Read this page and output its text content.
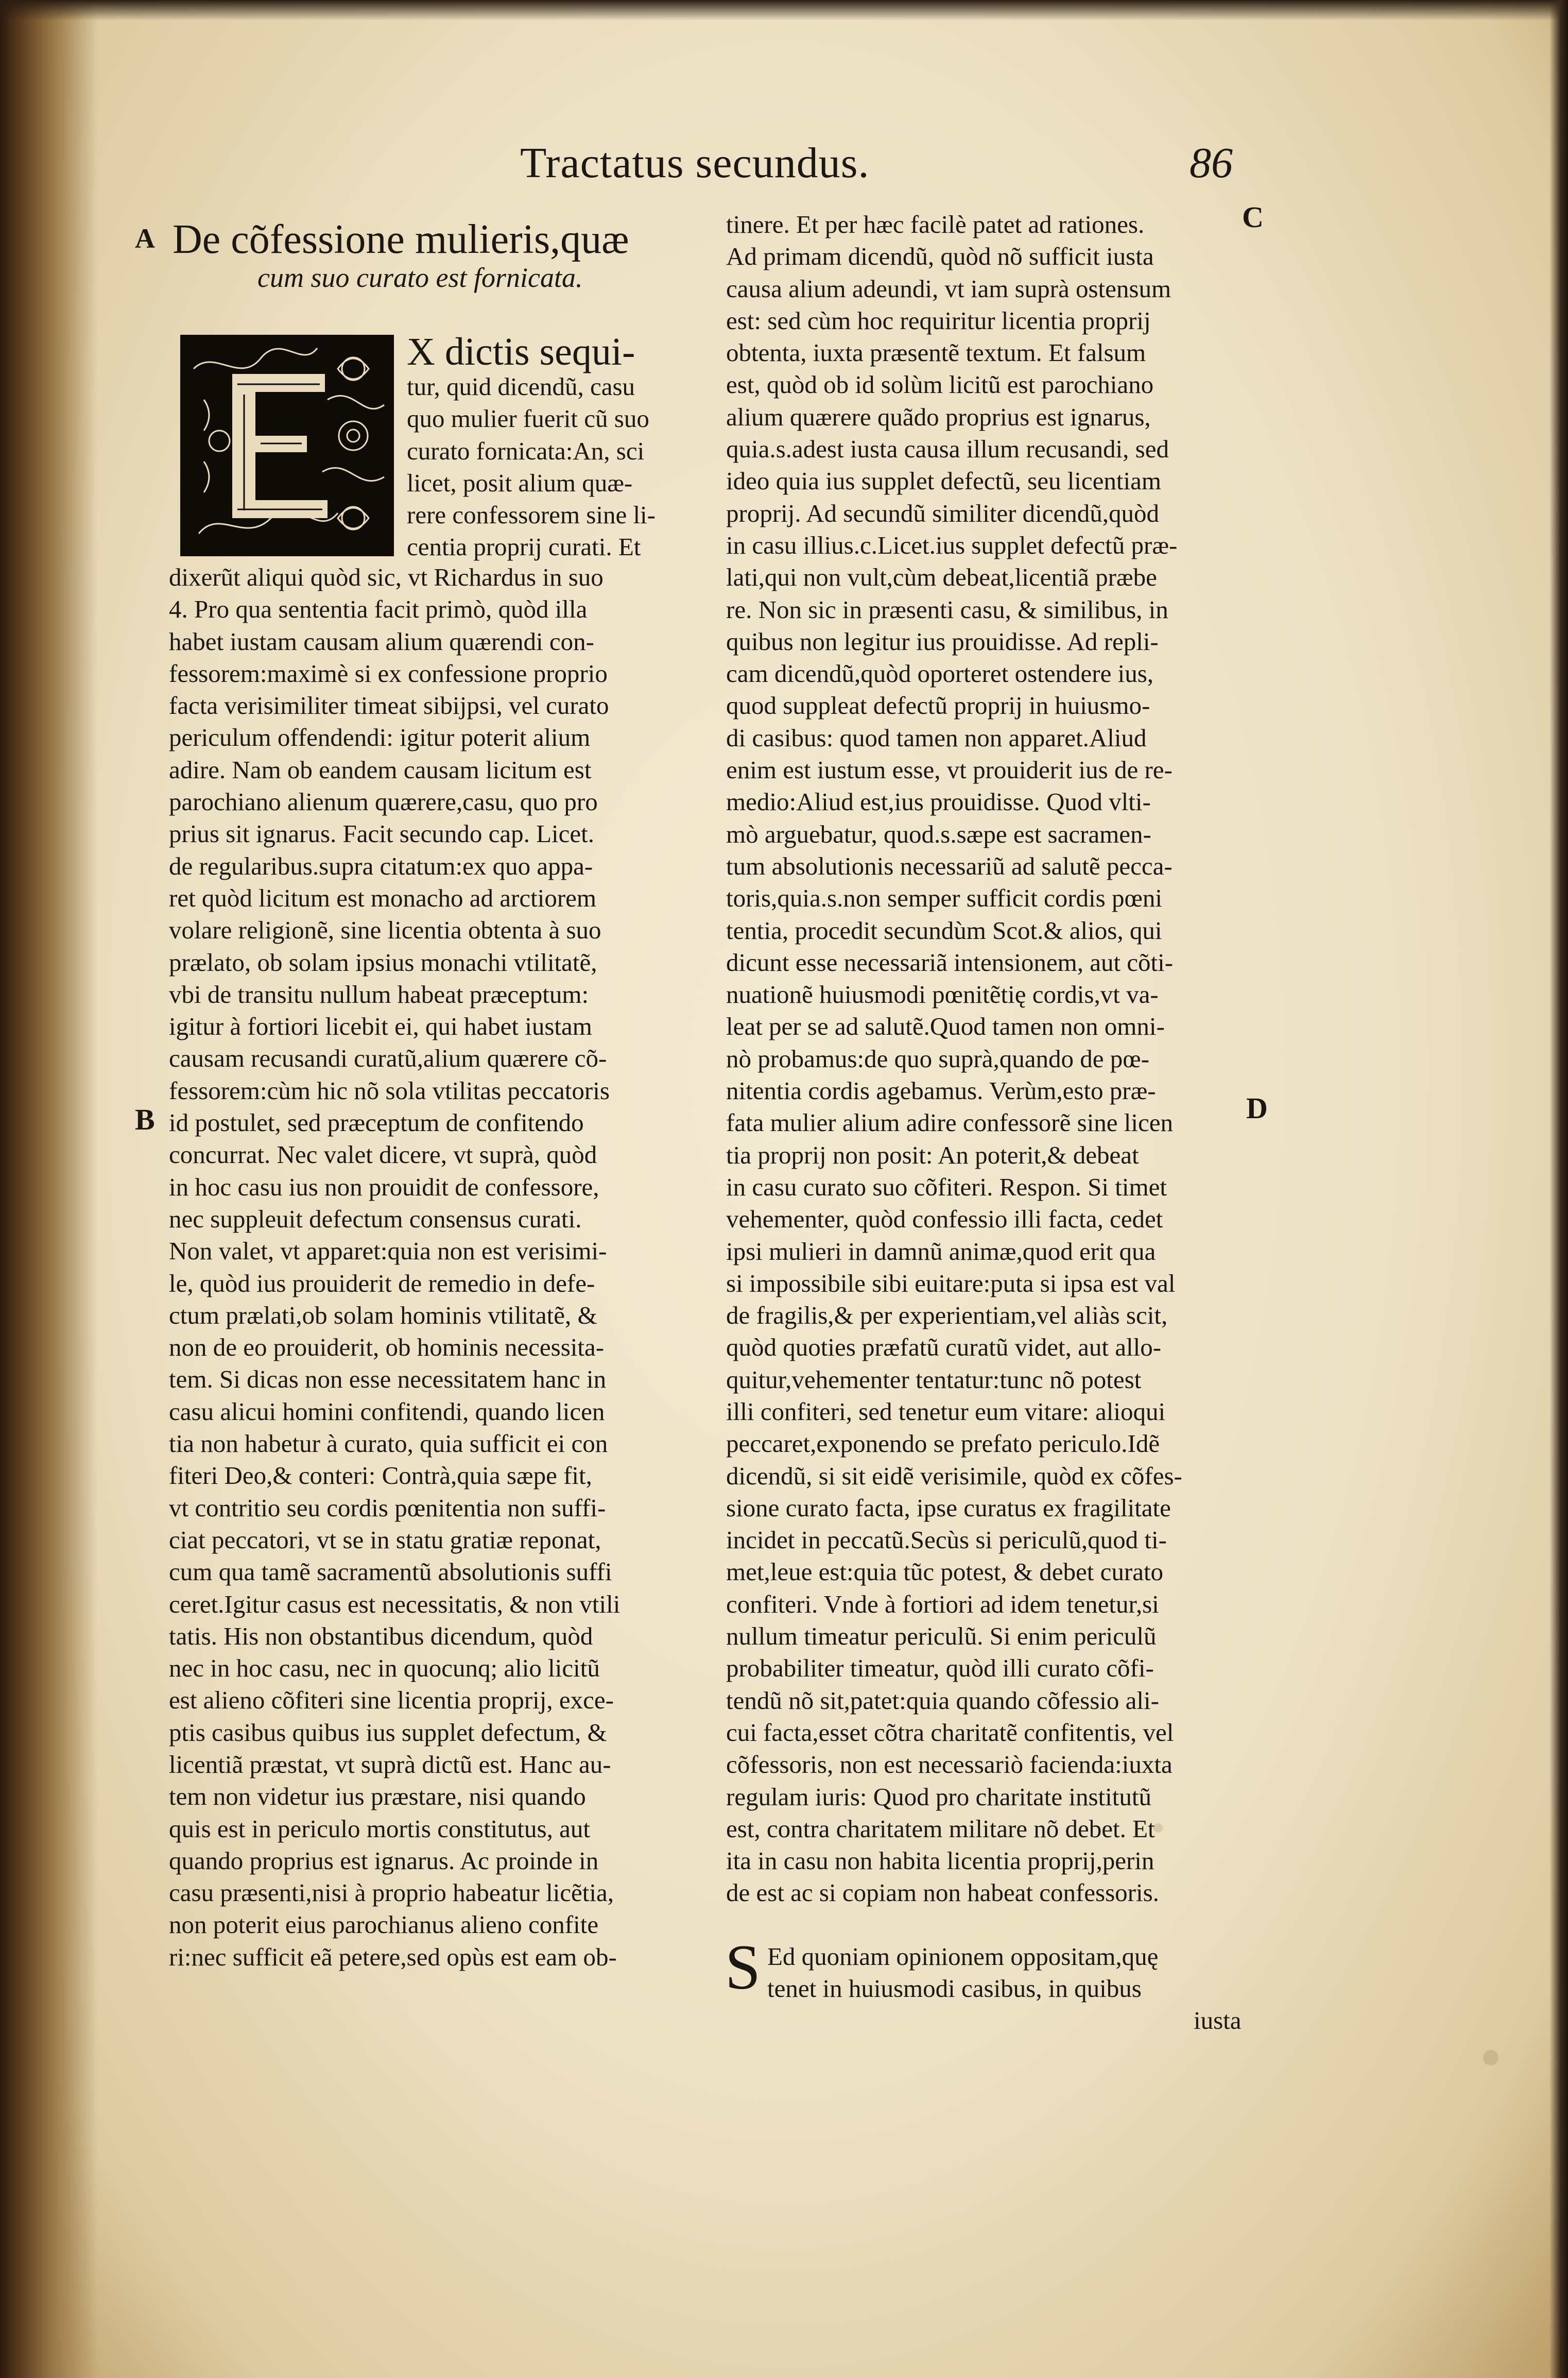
Tractatus secundus.	86
A
B
C
D
De cõfessione mulieris,quæ
cum suo curato est fornicata.
X dictis sequi-
tur, quid dicendũ, casu
quo mulier fuerit cũ suo
curato fornicata:An, sci
licet, posit alium quæ-
rere confessorem sine li-
centia proprij curati. Et
dixerũt aliqui quòd sic, vt Richardus in suo
4. Pro qua sententia facit primò, quòd illa
habet iustam causam alium quærendi con-
fessorem:maximè si ex confessione proprio
facta verisimiliter timeat sibijpsi, vel curato
periculum offendendi: igitur poterit alium
adire. Nam ob eandem causam licitum est
parochiano alienum quærere,casu, quo pro
prius sit ignarus. Facit secundo cap. Licet.
de regularibus.supra citatum:ex quo appa-
ret quòd licitum est monacho ad arctiorem
volare religionẽ, sine licentia obtenta à suo
prælato, ob solam ipsius monachi vtilitatẽ,
vbi de transitu nullum habeat præceptum:
igitur à fortiori licebit ei, qui habet iustam
causam recusandi curatũ,alium quærere cõ-
fessorem:cùm hic nõ sola vtilitas peccatoris
id postulet, sed præceptum de confitendo
concurrat. Nec valet dicere, vt suprà, quòd
in hoc casu ius non prouidit de confessore,
nec suppleuit defectum consensus curati.
Non valet, vt apparet:quia non est verisimi-
le, quòd ius prouiderit de remedio in defe-
ctum prælati,ob solam hominis vtilitatẽ, &
non de eo prouiderit, ob hominis necessita-
tem. Si dicas non esse necessitatem hanc in
casu alicui homini confitendi, quando licen
tia non habetur à curato, quia sufficit ei con
fiteri Deo,& conteri: Contrà,quia sæpe fit,
vt contritio seu cordis pœnitentia non suffi-
ciat peccatori, vt se in statu gratiæ reponat,
cum qua tamẽ sacramentũ absolutionis suffi
ceret.Igitur casus est necessitatis, & non vtili
tatis. His non obstantibus dicendum, quòd
nec in hoc casu, nec in quocunq; alio licitũ
est alieno cõfiteri sine licentia proprij, exce-
ptis casibus quibus ius supplet defectum, &
licentiã præstat, vt suprà dictũ est. Hanc au-
tem non videtur ius præstare, nisi quando
quis est in periculo mortis constitutus, aut
quando proprius est ignarus. Ac proinde in
casu præsenti,nisi à proprio habeatur licẽtia,
non poterit eius parochianus alieno confite
ri:nec sufficit eã petere,sed opùs est eam ob-
tinere. Et per hæc facilè patet ad rationes.
Ad primam dicendũ, quòd nõ sufficit iusta
causa alium adeundi, vt iam suprà ostensum
est: sed cùm hoc requiritur licentia proprij
obtenta, iuxta præsentẽ textum. Et falsum
est, quòd ob id solùm licitũ est parochiano
alium quærere quãdo proprius est ignarus,
quia.s.adest iusta causa illum recusandi, sed
ideo quia ius supplet defectũ, seu licentiam
proprij. Ad secundũ similiter dicendũ,quòd
in casu illius.c.Licet.ius supplet defectũ præ-
lati,qui non vult,cùm debeat,licentiã præbe
re. Non sic in præsenti casu, & similibus, in
quibus non legitur ius prouidisse. Ad repli-
cam dicendũ,quòd oporteret ostendere ius,
quod suppleat defectũ proprij in huiusmo-
di casibus: quod tamen non apparet.Aliud
enim est iustum esse, vt prouiderit ius de re-
medio:Aliud est,ius prouidisse. Quod vlti-
mò arguebatur, quod.s.sæpe est sacramen-
tum absolutionis necessariũ ad salutẽ pecca-
toris,quia.s.non semper sufficit cordis pœni
tentia, procedit secundùm Scot.& alios, qui
dicunt esse necessariã intensionem, aut cõti-
nuationẽ huiusmodi pœnitẽtię cordis,vt va-
leat per se ad salutẽ.Quod tamen non omni-
nò probamus:de quo suprà,quando de pœ-
nitentia cordis agebamus. Verùm,esto præ-
fata mulier alium adire confessorẽ sine licen
tia proprij non posit: An poterit,& debeat
in casu curato suo cõfiteri. Respon. Si timet
vehementer, quòd confessio illi facta, cedet
ipsi mulieri in damnũ animæ,quod erit qua
si impossibile sibi euitare:puta si ipsa est val
de fragilis,& per experientiam,vel aliàs scit,
quòd quoties præfatũ curatũ videt, aut allo-
quitur,vehementer tentatur:tunc nõ potest
illi confiteri, sed tenetur eum vitare: alioqui
peccaret,exponendo se prefato periculo.Idẽ
dicendũ, si sit eidẽ verisimile, quòd ex cõfes-
sione curato facta, ipse curatus ex fragilitate
incidet in peccatũ.Secùs si periculũ,quod ti-
met,leue est:quia tũc potest, & debet curato
confiteri. Vnde à fortiori ad idem tenetur,si
nullum timeatur periculũ. Si enim periculũ
probabiliter timeatur, quòd illi curato cõfi-
tendũ nõ sit,patet:quia quando cõfessio ali-
cui facta,esset cõtra charitatẽ confitentis, vel
cõfessoris, non est necessariò facienda:iuxta
regulam iuris: Quod pro charitate institutũ
est, contra charitatem militare nõ debet. Et
ita in casu non habita licentia proprij,perin
de est ac si copiam non habeat confessoris.
S Ed quoniam opinionem oppositam,quę
tenet in huiusmodi casibus, in quibus
iusta
